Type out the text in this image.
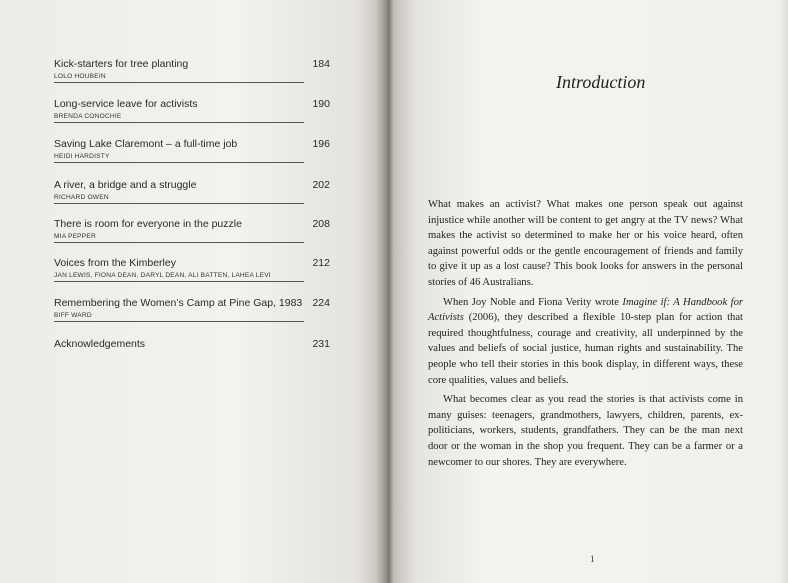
Kick-starters for tree planting	184
LOLO HOUBEIN
Long-service leave for activists	190
BRENDA CONOCHIE
Saving Lake Claremont – a full-time job	196
HEIDI HARDISTY
A river, a bridge and a struggle	202
RICHARD OWEN
There is room for everyone in the puzzle	208
MIA PEPPER
Voices from the Kimberley	212
JAN LEWIS, FIONA DEAN, DARYL DEAN, ALI BATTEN, LAHEA LEVI
Remembering the Women’s Camp at Pine Gap, 1983 224
BIFF WARD
Acknowledgements	231
Introduction

What makes an activist? What makes one person speak out against injustice while another will be content to get angry at the TV news? What makes the activist so determined to make her or his voice heard, often against powerful odds or the gentle encouragement of friends and family to give it up as a lost cause? This book looks for answers in the personal stories of 46 Australians.

When Joy Noble and Fiona Verity wrote Imagine if: A Handbook for Activists (2006), they described a flexible 10-step plan for action that required thoughtfulness, courage and creativity, all underpinned by the values and beliefs of social justice, human rights and sustainability. The people who tell their stories in this book display, in different ways, these core qualities, values and beliefs.

What becomes clear as you read the stories is that activists come in many guises: teenagers, grandmothers, lawyers, children, parents, ex-politicians, workers, students, grandfathers. They can be the man next door or the woman in the shop you frequent. They can be a farmer or a newcomer to our shores. They are everywhere.

1
